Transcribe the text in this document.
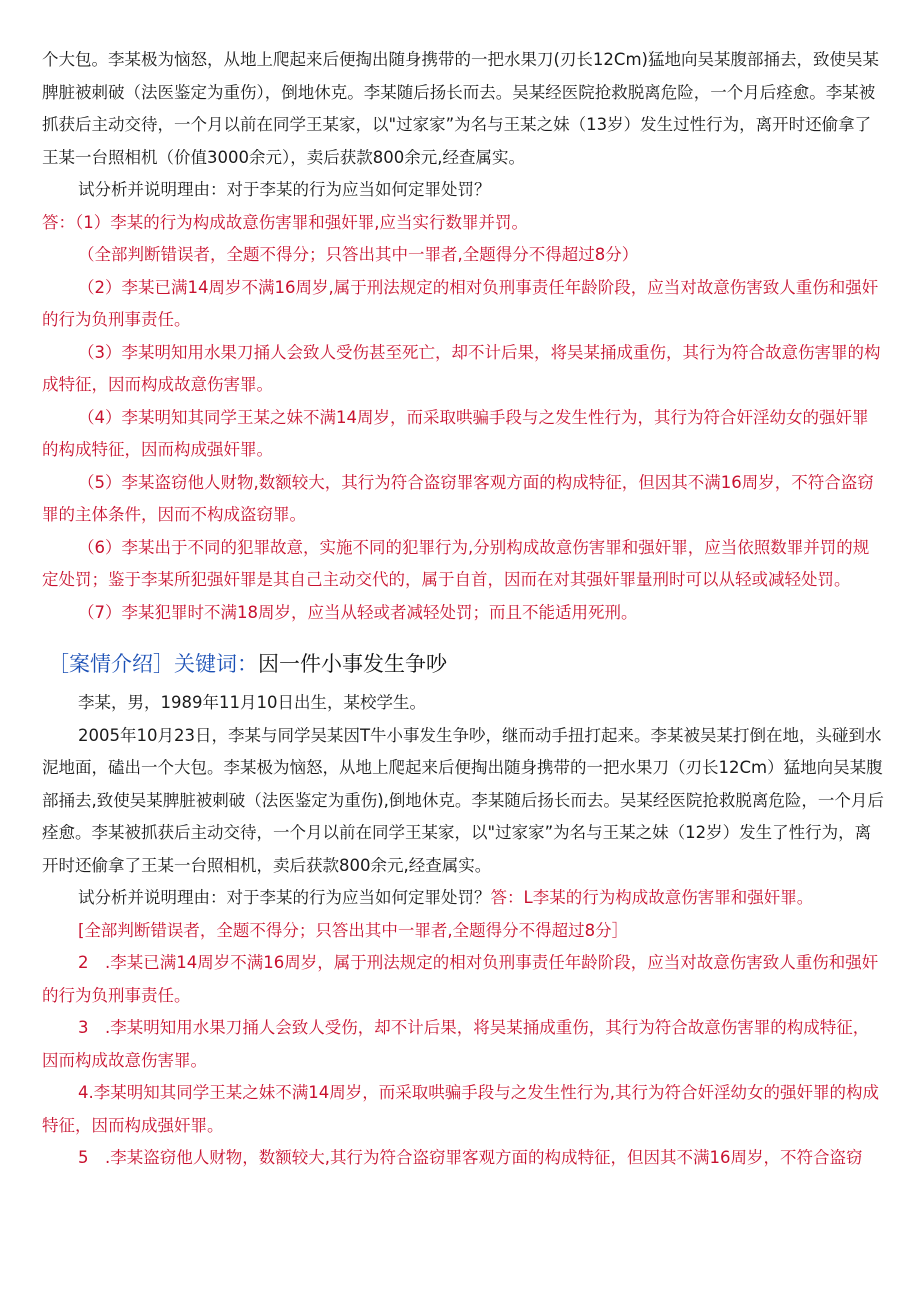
个大包。李某极为恼怒，从地上爬起来后便掏出随身携带的一把水果刀(刃长12Cm)猛地向吴某腹部捅去，致使吴某脾脏被刺破（法医鉴定为重伤），倒地休克。李某随后扬长而去。吴某经医院抢救脱离危险，一个月后痊愈。李某被抓获后主动交待，一个月以前在同学王某家，以"过家家”为名与王某之妹（13岁）发生过性行为，离开时还偷拿了王某一台照相机（价值3000余元），卖后获款800余元,经查属实。

试分析并说明理由：对于李某的行为应当如何定罪处罚？

答：（1）李某的行为构成故意伤害罪和强奸罪,应当实行数罪并罚。

（全部判断错误者，全题不得分；只答出其中一罪者,全题得分不得超过8分）

（2）李某已满14周岁不满16周岁,属于刑法规定的相对负刑事责任年龄阶段，应当对故意伤害致人重伤和强奸的行为负刑事责任。

（3）李某明知用水果刀捅人会致人受伤甚至死亡，却不计后果，将吴某捅成重伤，其行为符合故意伤害罪的构成特征，因而构成故意伤害罪。

（4）李某明知其同学王某之妹不满14周岁，而采取哄骗手段与之发生性行为，其行为符合奸淫幼女的强奸罪的构成特征，因而构成强奸罪。

（5）李某盗窃他人财物,数额较大，其行为符合盗窃罪客观方面的构成特征，但因其不满16周岁，不符合盗窃罪的主体条件，因而不构成盗窃罪。

（6）李某出于不同的犯罪故意，实施不同的犯罪行为,分别构成故意伤害罪和强奸罪，应当依照数罪并罚的规定处罚；鉴于李某所犯强奸罪是其自己主动交代的，属于自首，因而在对其强奸罪量刑时可以从轻或减轻处罚。

（7）李某犯罪时不满18周岁，应当从轻或者减轻处罚；而且不能适用死刑。

［案情介绍］关键词：因一件小事发生争吵

李某，男，1989年11月10日出生，某校学生。

2005年10月23日，李某与同学吴某因T牛小事发生争吵，继而动手扭打起来。李某被吴某打倒在地，头碰到水泥地面，磕出一个大包。李某极为恼怒，从地上爬起来后便掏出随身携带的一把水果刀（刃长12Cm）猛地向吴某腹部捅去,致使吴某脾脏被刺破（法医鉴定为重伤),倒地休克。李某随后扬长而去。吴某经医院抢救脱离危险，一个月后痊愈。李某被抓获后主动交待，一个月以前在同学王某家，以"过家家”为名与王某之妹（12岁）发生了性行为，离开时还偷拿了王某一台照相机，卖后获款800余元,经查属实。

试分析并说明理由：对于李某的行为应当如何定罪处罚？答：L李某的行为构成故意伤害罪和强奸罪。

[全部判断错误者，全题不得分；只答出其中一罪者,全题得分不得超过8分］

2　.李某已满14周岁不满16周岁，属于刑法规定的相对负刑事责任年龄阶段，应当对故意伤害致人重伤和强奸的行为负刑事责任。

3　.李某明知用水果刀捅人会致人受伤，却不计后果，将吴某捅成重伤，其行为符合故意伤害罪的构成特征，因而构成故意伤害罪。

4.李某明知其同学王某之妹不满14周岁，而采取哄骗手段与之发生性行为,其行为符合奸淫幼女的强奸罪的构成特征，因而构成强奸罪。

5　.李某盗窃他人财物，数额较大,其行为符合盗窃罪客观方面的构成特征，但因其不满16周岁，不符合盗窃
